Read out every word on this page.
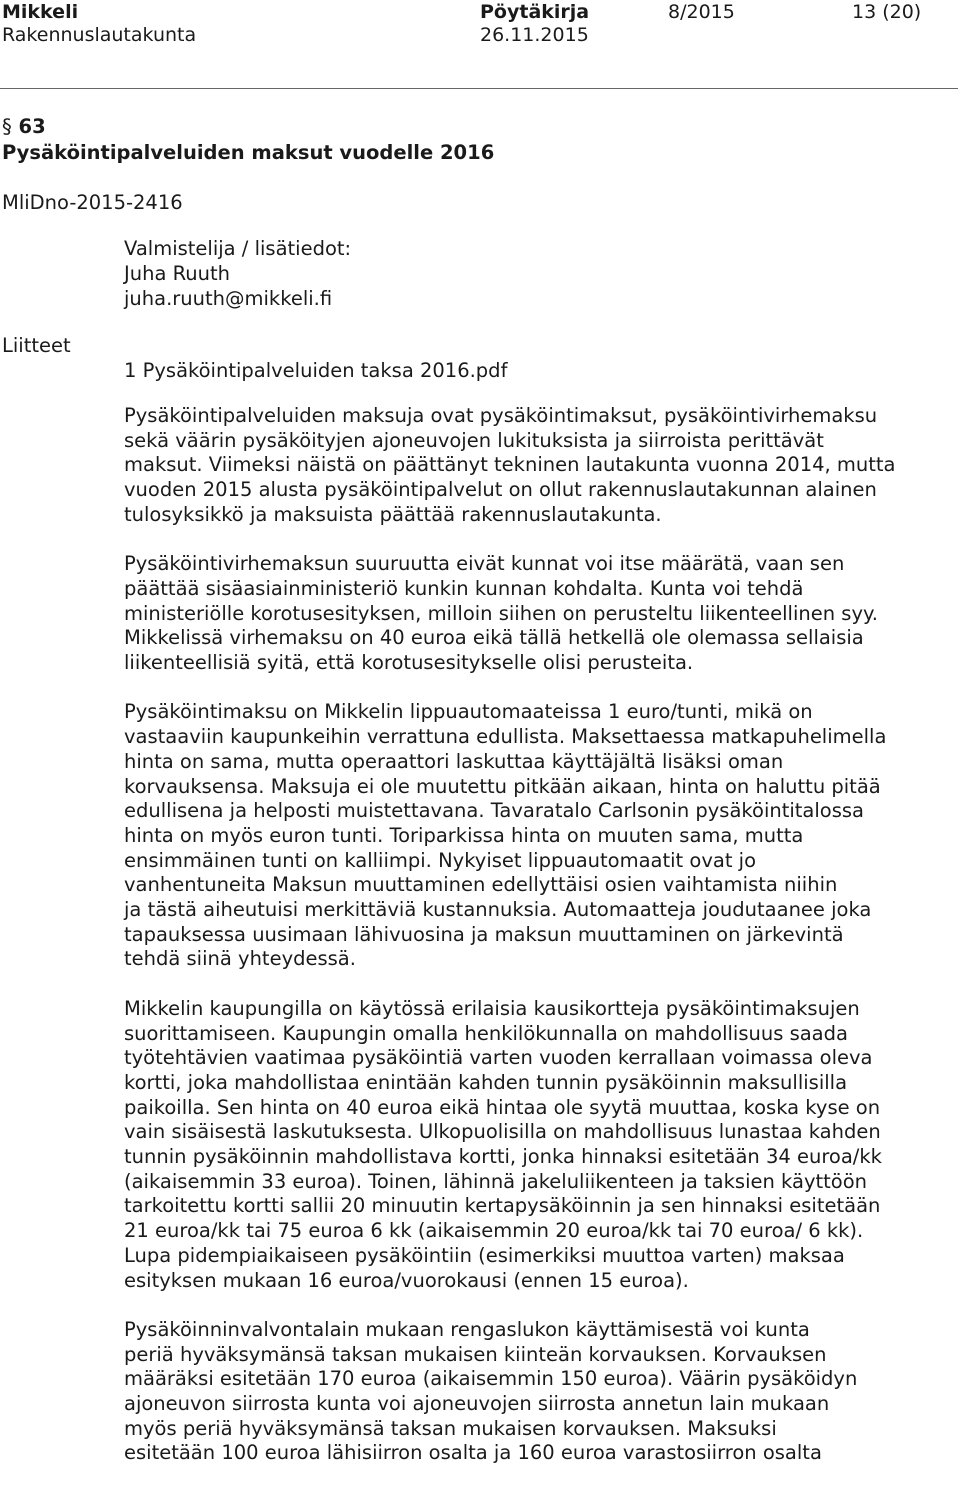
Mikkeli	Pöytäkirja	8/2015	13 (20)
Rakennuslautakunta	26.11.2015
§ 63
Pysäköintipalveluiden maksut vuodelle 2016
MliDno-2015-2416
Valmistelija / lisätiedot:
Juha Ruuth
juha.ruuth@mikkeli.fi
Liitteet
1 Pysäköintipalveluiden taksa 2016.pdf

Pysäköintipalveluiden maksuja ovat pysäköintimaksut, pysäköintivirhemaksu
sekä väärin pysäköityjen ajoneuvojen lukituksista ja siirroista perittävät
maksut. Viimeksi näistä on päättänyt tekninen lautakunta vuonna 2014, mutta
vuoden 2015 alusta pysäköintipalvelut on ollut rakennuslautakunnan alainen
tulosyksikkö ja maksuista päättää rakennuslautakunta.

Pysäköintivirhemaksun suuruutta eivät kunnat voi itse määrätä, vaan sen
päättää sisäasiainministeriö kunkin kunnan kohdalta. Kunta voi tehdä
ministeriölle korotusesityksen, milloin siihen on perusteltu liikenteellinen syy.
Mikkelissä virhemaksu on 40 euroa eikä tällä hetkellä ole olemassa sellaisia
liikenteellisiä syitä, että korotusesitykselle olisi perusteita.

Pysäköintimaksu on Mikkelin lippuautomaateissa 1 euro/tunti, mikä on
vastaaviin kaupunkeihin verrattuna edullista. Maksettaessa matkapuhelimella
hinta on sama, mutta operaattori laskuttaa käyttäjältä lisäksi oman
korvauksensa. Maksuja ei ole muutettu pitkään aikaan, hinta on haluttu pitää
edullisena ja helposti muistettavana. Tavaratalo Carlsonin pysäköintitalossa
hinta on myös euron tunti. Toriparkissa hinta on muuten sama, mutta
ensimmäinen tunti on kalliimpi. Nykyiset lippuautomaatit ovat jo
vanhentuneita Maksun muuttaminen edellyttäisi osien vaihtamista niihin
ja tästä aiheutuisi merkittäviä kustannuksia. Automaatteja joudutaanee joka
tapauksessa uusimaan lähivuosina ja maksun muuttaminen on järkevintä
tehdä siinä yhteydessä.

Mikkelin kaupungilla on käytössä erilaisia kausikortteja pysäköintimaksujen
suorittamiseen. Kaupungin omalla henkilökunnalla on mahdollisuus saada
työtehtävien vaatimaa pysäköintiä varten vuoden kerrallaan voimassa oleva
kortti, joka mahdollistaa enintään kahden tunnin pysäköinnin maksullisilla
paikoilla. Sen hinta on 40 euroa eikä hintaa ole syytä muuttaa, koska kyse on
vain sisäisestä laskutuksesta. Ulkopuolisilla on mahdollisuus lunastaa kahden
tunnin pysäköinnin mahdollistava kortti, jonka hinnaksi esitetään 34 euroa/kk
(aikaisemmin 33 euroa). Toinen, lähinnä jakeluliikenteen ja taksien käyttöön
tarkoitettu kortti sallii 20 minuutin kertapysäköinnin ja sen hinnaksi esitetään
21 euroa/kk tai 75 euroa 6 kk (aikaisemmin 20 euroa/kk tai 70 euroa/ 6 kk).
Lupa pidempiaikaiseen pysäköintiin (esimerkiksi muuttoa varten) maksaa
esityksen mukaan 16 euroa/vuorokausi (ennen 15 euroa).

Pysäköinninvalvontalain mukaan rengaslukon käyttämisestä voi kunta
periä hyväksymänsä taksan mukaisen kiinteän korvauksen. Korvauksen
määräksi esitetään 170 euroa (aikaisemmin 150 euroa). Väärin pysäköidyn
ajoneuvon siirrosta kunta voi ajoneuvojen siirrosta annetun lain mukaan
myös periä hyväksymänsä taksan mukaisen korvauksen. Maksuksi
esitetään 100 euroa lähisiirron osalta ja 160 euroa varastosiirron osalta
